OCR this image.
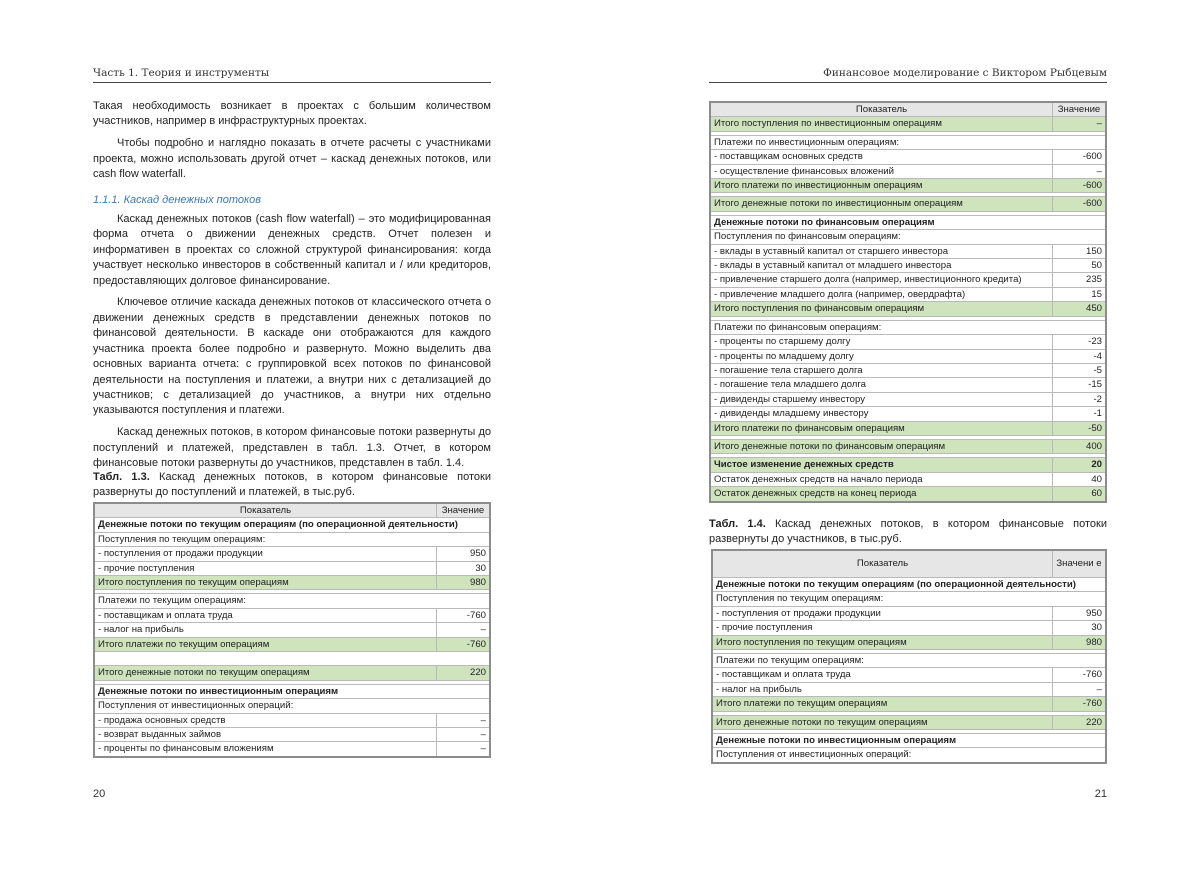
Часть 1. Теория и инструменты

Такая необходимость возникает в проектах с большим количеством участников, например в инфраструктурных проектах.

Чтобы подробно и наглядно показать в отчете расчеты с участниками проекта, можно использовать другой отчет – каскад денежных потоков, или cash flow waterfall.

1.1.1. Каскад денежных потоков

Каскад денежных потоков (cash flow waterfall) – это модифицированная форма отчета о движении денежных средств. Отчет полезен и информативен в проектах со сложной структурой финансирования: когда участвует несколько инвесторов в собственный капитал и / или кредиторов, предоставляющих долговое финансирование.

Ключевое отличие каскада денежных потоков от классического отчета о движении денежных средств в представлении денежных потоков по финансовой деятельности. В каскаде они отображаются для каждого участника проекта более подробно и развернуто. Можно выделить два основных варианта отчета: с группировкой всех потоков по финансовой деятельности на поступления и платежи, а внутри них с детализацией до участников; с детализацией до участников, а внутри них отдельно указываются поступления и платежи.

Каскад денежных потоков, в котором финансовые потоки развернуты до поступлений и платежей, представлен в табл. 1.3. Отчет, в котором финансовые потоки развернуты до участников, представлен в табл. 1.4.

Табл. 1.3. Каскад денежных потоков, в котором финансовые потоки развернуты до поступлений и платежей, в тыс.руб.
Показатель	Значение
Денежные потоки по текущим операциям (по операционной деятельности)	
Поступления по текущим операциям:	
- поступления от продажи продукции	950
- прочие поступления	30
Итого поступления по текущим операциям	980

Платежи по текущим операциям:	
- поставщикам и оплата труда	-760
- налог на прибыль	–
Итого платежи по текущим операциям	-760

Итого денежные потоки по текущим операциям	220

Денежные потоки по инвестиционным операциям	
Поступления от инвестиционных операций:	
- продажа основных средств	–
- возврат выданных займов	–
- проценты по финансовым вложениям	–
20
Финансовое моделирование с Виктором Рыбцевым
Показатель	Значение
Итого поступления по инвестиционным операциям	–

Платежи по инвестиционным операциям:	
- поставщикам основных средств	-600
- осуществление финансовых вложений	–
Итого платежи по инвестиционным операциям	-600

Итого денежные потоки по инвестиционным операциям	-600

Денежные потоки по финансовым операциям	
Поступления по финансовым операциям:	
- вклады в уставный капитал от старшего инвестора	150
- вклады в уставный капитал от младшего инвестора	50
- привлечение старшего долга (например, инвестиционного кредита)	235
- привлечение младшего долга (например, овердрафта)	15
Итого поступления по финансовым операциям	450

Платежи по финансовым операциям:	
- проценты по старшему долгу	-23
- проценты по младшему долгу	-4
- погашение тела старшего долга	-5
- погашение тела младшего долга	-15
- дивиденды старшему инвестору	-2
- дивиденды младшему инвестору	-1
Итого платежи по финансовым операциям	-50

Итого денежные потоки по финансовым операциям	400

Чистое изменение денежных средств	20
Остаток денежных средств на начало периода	40
Остаток денежных средств на конец периода	60
Табл. 1.4. Каскад денежных потоков, в котором финансовые потоки развернуты до участников, в тыс.руб.
Показатель	Значени е
Денежные потоки по текущим операциям (по операционной деятельности)	
Поступления по текущим операциям:	
- поступления от продажи продукции	950
- прочие поступления	30
Итого поступления по текущим операциям	980

Платежи по текущим операциям:	
- поставщикам и оплата труда	-760
- налог на прибыль	–
Итого платежи по текущим операциям	-760

Итого денежные потоки по текущим операциям	220

Денежные потоки по инвестиционным операциям	
Поступления от инвестиционных операций:	
21
